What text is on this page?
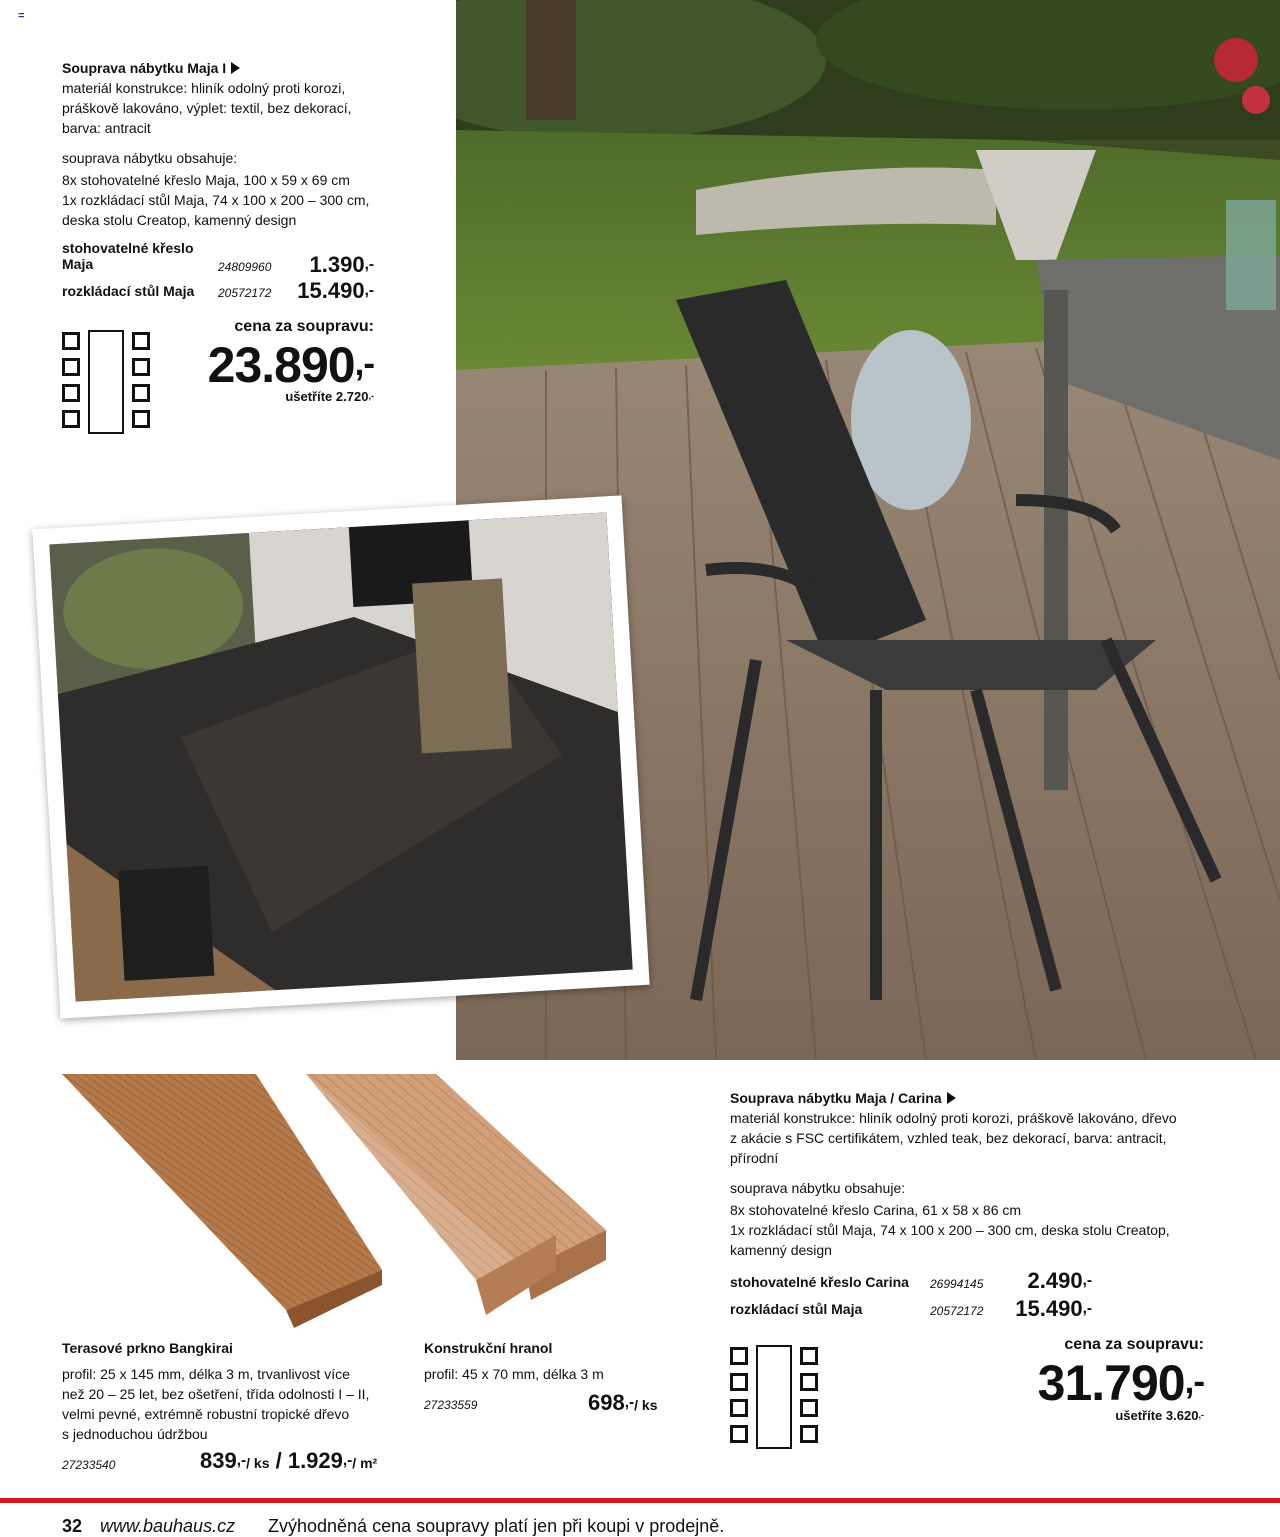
=
Souprava nábytku Maja I
materiál konstrukce: hliník odolný proti korozi,
práškově lakováno, výplet: textil, bez dekorací,
barva: antracit
souprava nábytku obsahuje:
8x stohovatelné křeslo Maja, 100 x 59 x 69 cm
1x rozkládací stůl Maja, 74 x 100 x 200 – 300 cm,
deska stolu Creatop, kamenný design
stohovatelné křeslo
Maja	24809960 1.390,-
rozkládací stůl Maja	20572172 15.490,-
cena za soupravu:
23.890,-
ušetříte 2.720,-
Terasové prkno Bangkirai
profil: 25 x 145 mm, délka 3 m, trvanlivost více
než 20 – 25 let, bez ošetření, třída odolnosti I – II,
velmi pevné, extrémně robustní tropické dřevo
s jednoduchou údržbou
27233540	839,-/ ks / 1.929,-/ m²
Konstrukční hranol
profil: 45 x 70 mm, délka 3 m
27233559	698,-/ ks
Souprava nábytku Maja / Carina
materiál konstrukce: hliník odolný proti korozi, práškově lakováno, dřevo
z akácie s FSC certifikátem, vzhled teak, bez dekorací, barva: antracit,
přírodní
souprava nábytku obsahuje:
8x stohovatelné křeslo Carina, 61 x 58 x 86 cm
1x rozkládací stůl Maja, 74 x 100 x 200 – 300 cm, deska stolu Creatop,
kamenný design
stohovatelné křeslo Carina	26994145 2.490,-
rozkládací stůl Maja	20572172 15.490,-
cena za soupravu:
31.790,-
ušetříte 3.620,-
32 www.bauhaus.cz Zvýhodněná cena soupravy platí jen při koupi v prodejně.
